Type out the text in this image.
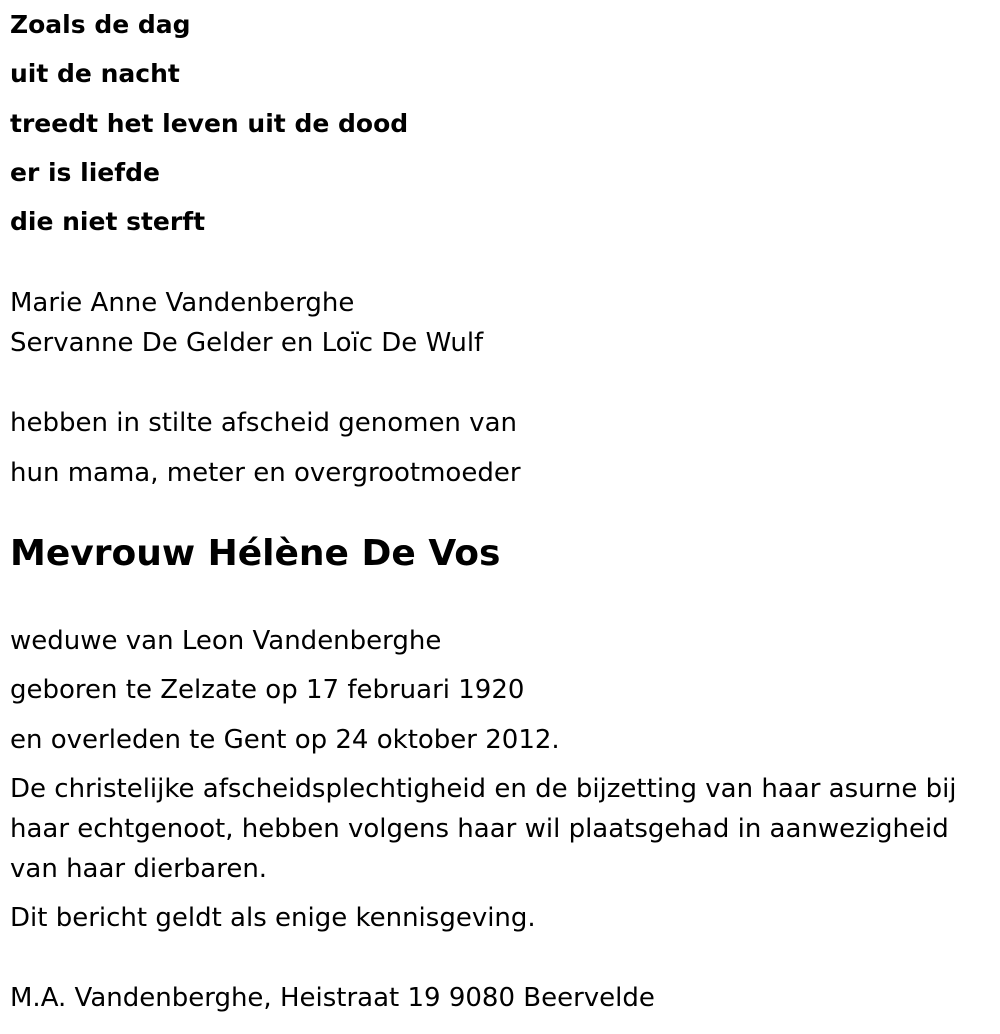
Zoals de dag
uit de nacht
treedt het leven uit de dood
er is liefde
die niet sterft
Marie Anne Vandenberghe
Servanne De Gelder en Loïc De Wulf
hebben in stilte afscheid genomen van
hun mama, meter en overgrootmoeder
Mevrouw Hélène De Vos
weduwe van Leon Vandenberghe
geboren te Zelzate op 17 februari 1920
en overleden te Gent op 24 oktober 2012.
De christelijke afscheidsplechtigheid en de bijzetting van haar asurne bij
haar echtgenoot, hebben volgens haar wil plaatsgehad in aanwezigheid
van haar dierbaren.
Dit bericht geldt als enige kennisgeving.
M.A. Vandenberghe, Heistraat 19 9080 Beervelde
